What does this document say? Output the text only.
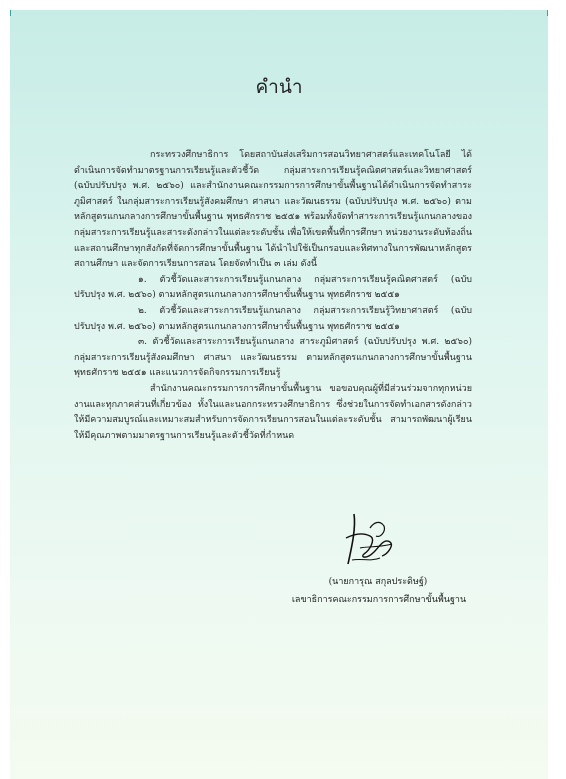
คำนำ

กระทรวงศึกษาธิการ โดยสถาบันส่งเสริมการสอนวิทยาศาสตร์และเทคโนโลยี ได้ดำเนินการจัดทำมาตรฐานการเรียนรู้และตัวชี้วัด กลุ่มสาระการเรียนรู้คณิตศาสตร์และวิทยาศาสตร์ (ฉบับปรับปรุง พ.ศ. ๒๕๖๐) และสำนักงานคณะกรรมการการศึกษาขั้นพื้นฐานได้ดำเนินการจัดทำสาระภูมิศาสตร์ ในกลุ่มสาระการเรียนรู้สังคมศึกษา ศาสนา และวัฒนธรรม (ฉบับปรับปรุง พ.ศ. ๒๕๖๐) ตามหลักสูตรแกนกลางการศึกษาขั้นพื้นฐาน พุทธศักราช ๒๕๕๑ พร้อมทั้งจัดทำสาระการเรียนรู้แกนกลางของกลุ่มสาระการเรียนรู้และสาระดังกล่าวในแต่ละระดับชั้น เพื่อให้เขตพื้นที่การศึกษา หน่วยงานระดับท้องถิ่น และสถานศึกษาทุกสังกัดที่จัดการศึกษาขั้นพื้นฐาน ได้นำไปใช้เป็นกรอบและทิศทางในการพัฒนาหลักสูตรสถานศึกษา และจัดการเรียนการสอน โดยจัดทำเป็น ๓ เล่ม ดังนี้

๑. ตัวชี้วัดและสาระการเรียนรู้แกนกลาง กลุ่มสาระการเรียนรู้คณิตศาสตร์ (ฉบับปรับปรุง พ.ศ. ๒๕๖๐) ตามหลักสูตรแกนกลางการศึกษาขั้นพื้นฐาน พุทธศักราช ๒๕๕๑

๒. ตัวชี้วัดและสาระการเรียนรู้แกนกลาง กลุ่มสาระการเรียนรู้วิทยาศาสตร์ (ฉบับปรับปรุง พ.ศ. ๒๕๖๐) ตามหลักสูตรแกนกลางการศึกษาขั้นพื้นฐาน พุทธศักราช ๒๕๕๑

๓. ตัวชี้วัดและสาระการเรียนรู้แกนกลาง สาระภูมิศาสตร์ (ฉบับปรับปรุง พ.ศ. ๒๕๖๐) กลุ่มสาระการเรียนรู้สังคมศึกษา ศาสนา และวัฒนธรรม ตามหลักสูตรแกนกลางการศึกษาขั้นพื้นฐาน พุทธศักราช ๒๕๕๑ และแนวการจัดกิจกรรมการเรียนรู้

สำนักงานคณะกรรมการการศึกษาขั้นพื้นฐาน ขอขอบคุณผู้ที่มีส่วนร่วมจากทุกหน่วยงานและทุกภาคส่วนที่เกี่ยวข้อง ทั้งในและนอกกระทรวงศึกษาธิการ ซึ่งช่วยในการจัดทำเอกสารดังกล่าวให้มีความสมบูรณ์และเหมาะสมสำหรับการจัดการเรียนการสอนในแต่ละระดับชั้น สามารถพัฒนาผู้เรียนให้มีคุณภาพตามมาตรฐานการเรียนรู้และตัวชี้วัดที่กำหนด

(นายการุณ สกุลประดิษฐ์)
เลขาธิการคณะกรรมการการศึกษาขั้นพื้นฐาน
